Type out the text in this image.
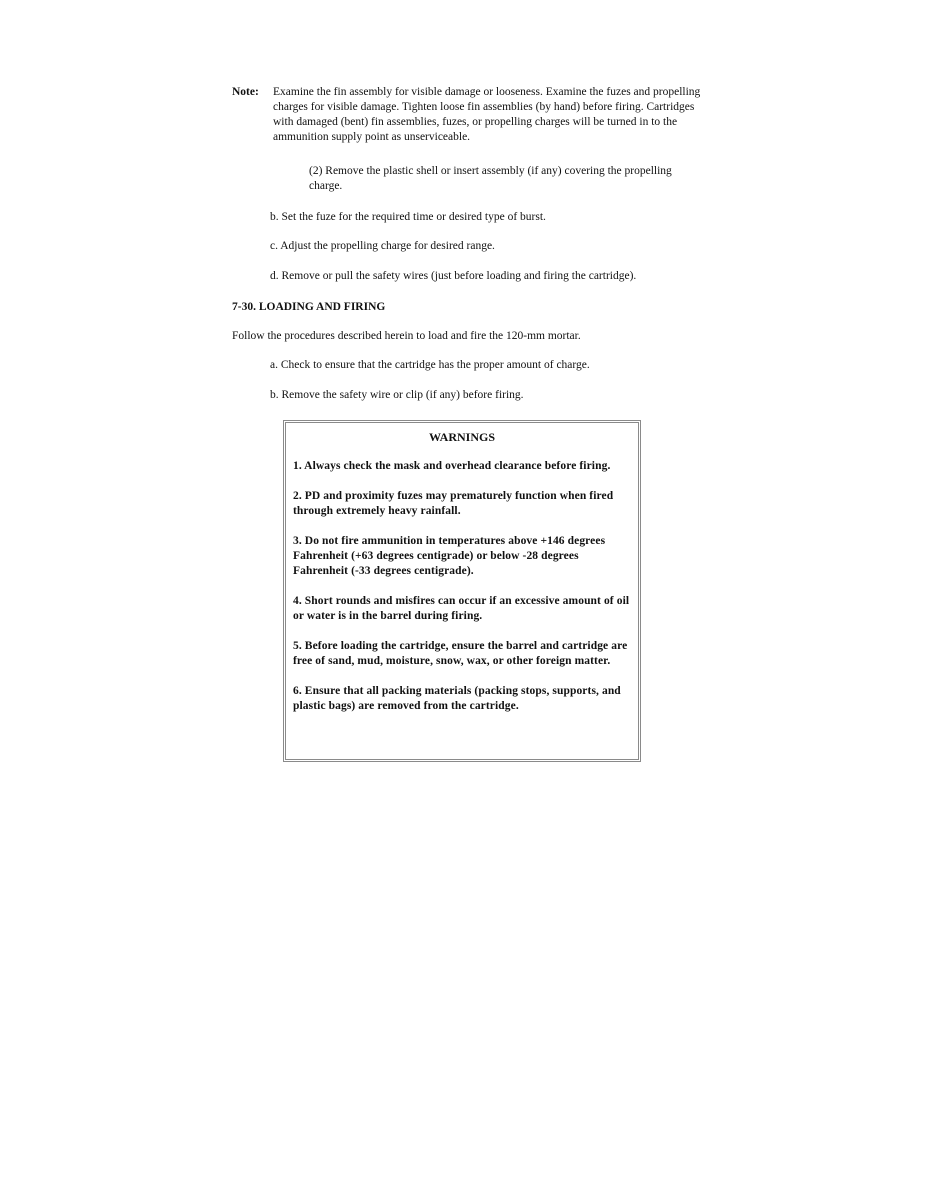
Note: Examine the fin assembly for visible damage or looseness. Examine the fuzes and propelling charges for visible damage. Tighten loose fin assemblies (by hand) before firing. Cartridges with damaged (bent) fin assemblies, fuzes, or propelling charges will be turned in to the ammunition supply point as unserviceable.
(2) Remove the plastic shell or insert assembly (if any) covering the propelling charge.
b. Set the fuze for the required time or desired type of burst.
c. Adjust the propelling charge for desired range.
d. Remove or pull the safety wires (just before loading and firing the cartridge).
7-30. LOADING AND FIRING
Follow the procedures described herein to load and fire the 120-mm mortar.
a. Check to ensure that the cartridge has the proper amount of charge.
b. Remove the safety wire or clip (if any) before firing.
WARNINGS
1. Always check the mask and overhead clearance before firing.
2. PD and proximity fuzes may prematurely function when fired through extremely heavy rainfall.
3. Do not fire ammunition in temperatures above +146 degrees Fahrenheit (+63 degrees centigrade) or below -28 degrees Fahrenheit (-33 degrees centigrade).
4. Short rounds and misfires can occur if an excessive amount of oil or water is in the barrel during firing.
5. Before loading the cartridge, ensure the barrel and cartridge are free of sand, mud, moisture, snow, wax, or other foreign matter.
6. Ensure that all packing materials (packing stops, supports, and plastic bags) are removed from the cartridge.
